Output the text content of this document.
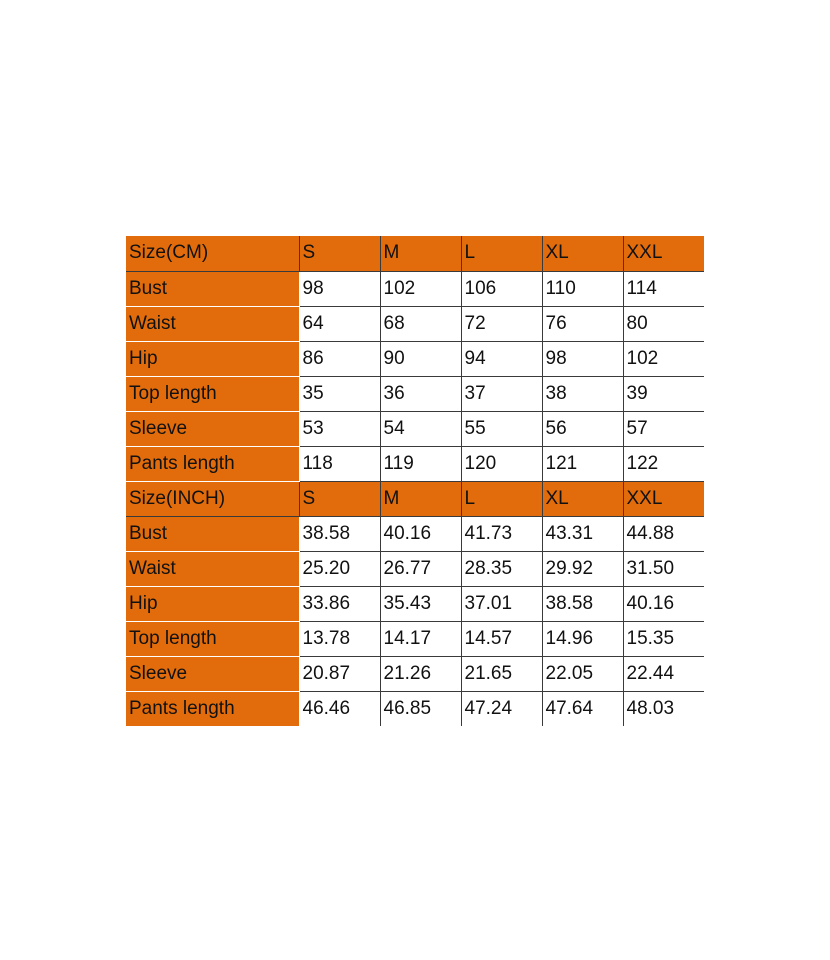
Size(CM)	S	M	L	XL	XXL
Bust	98	102	106	110	114
Waist	64	68	72	76	80
Hip	86	90	94	98	102
Top length	35	36	37	38	39
Sleeve	53	54	55	56	57
Pants length	118	119	120	121	122
Size(INCH)	S	M	L	XL	XXL
Bust	38.58	40.16	41.73	43.31	44.88
Waist	25.20	26.77	28.35	29.92	31.50
Hip	33.86	35.43	37.01	38.58	40.16
Top length	13.78	14.17	14.57	14.96	15.35
Sleeve	20.87	21.26	21.65	22.05	22.44
Pants length	46.46	46.85	47.24	47.64	48.03
